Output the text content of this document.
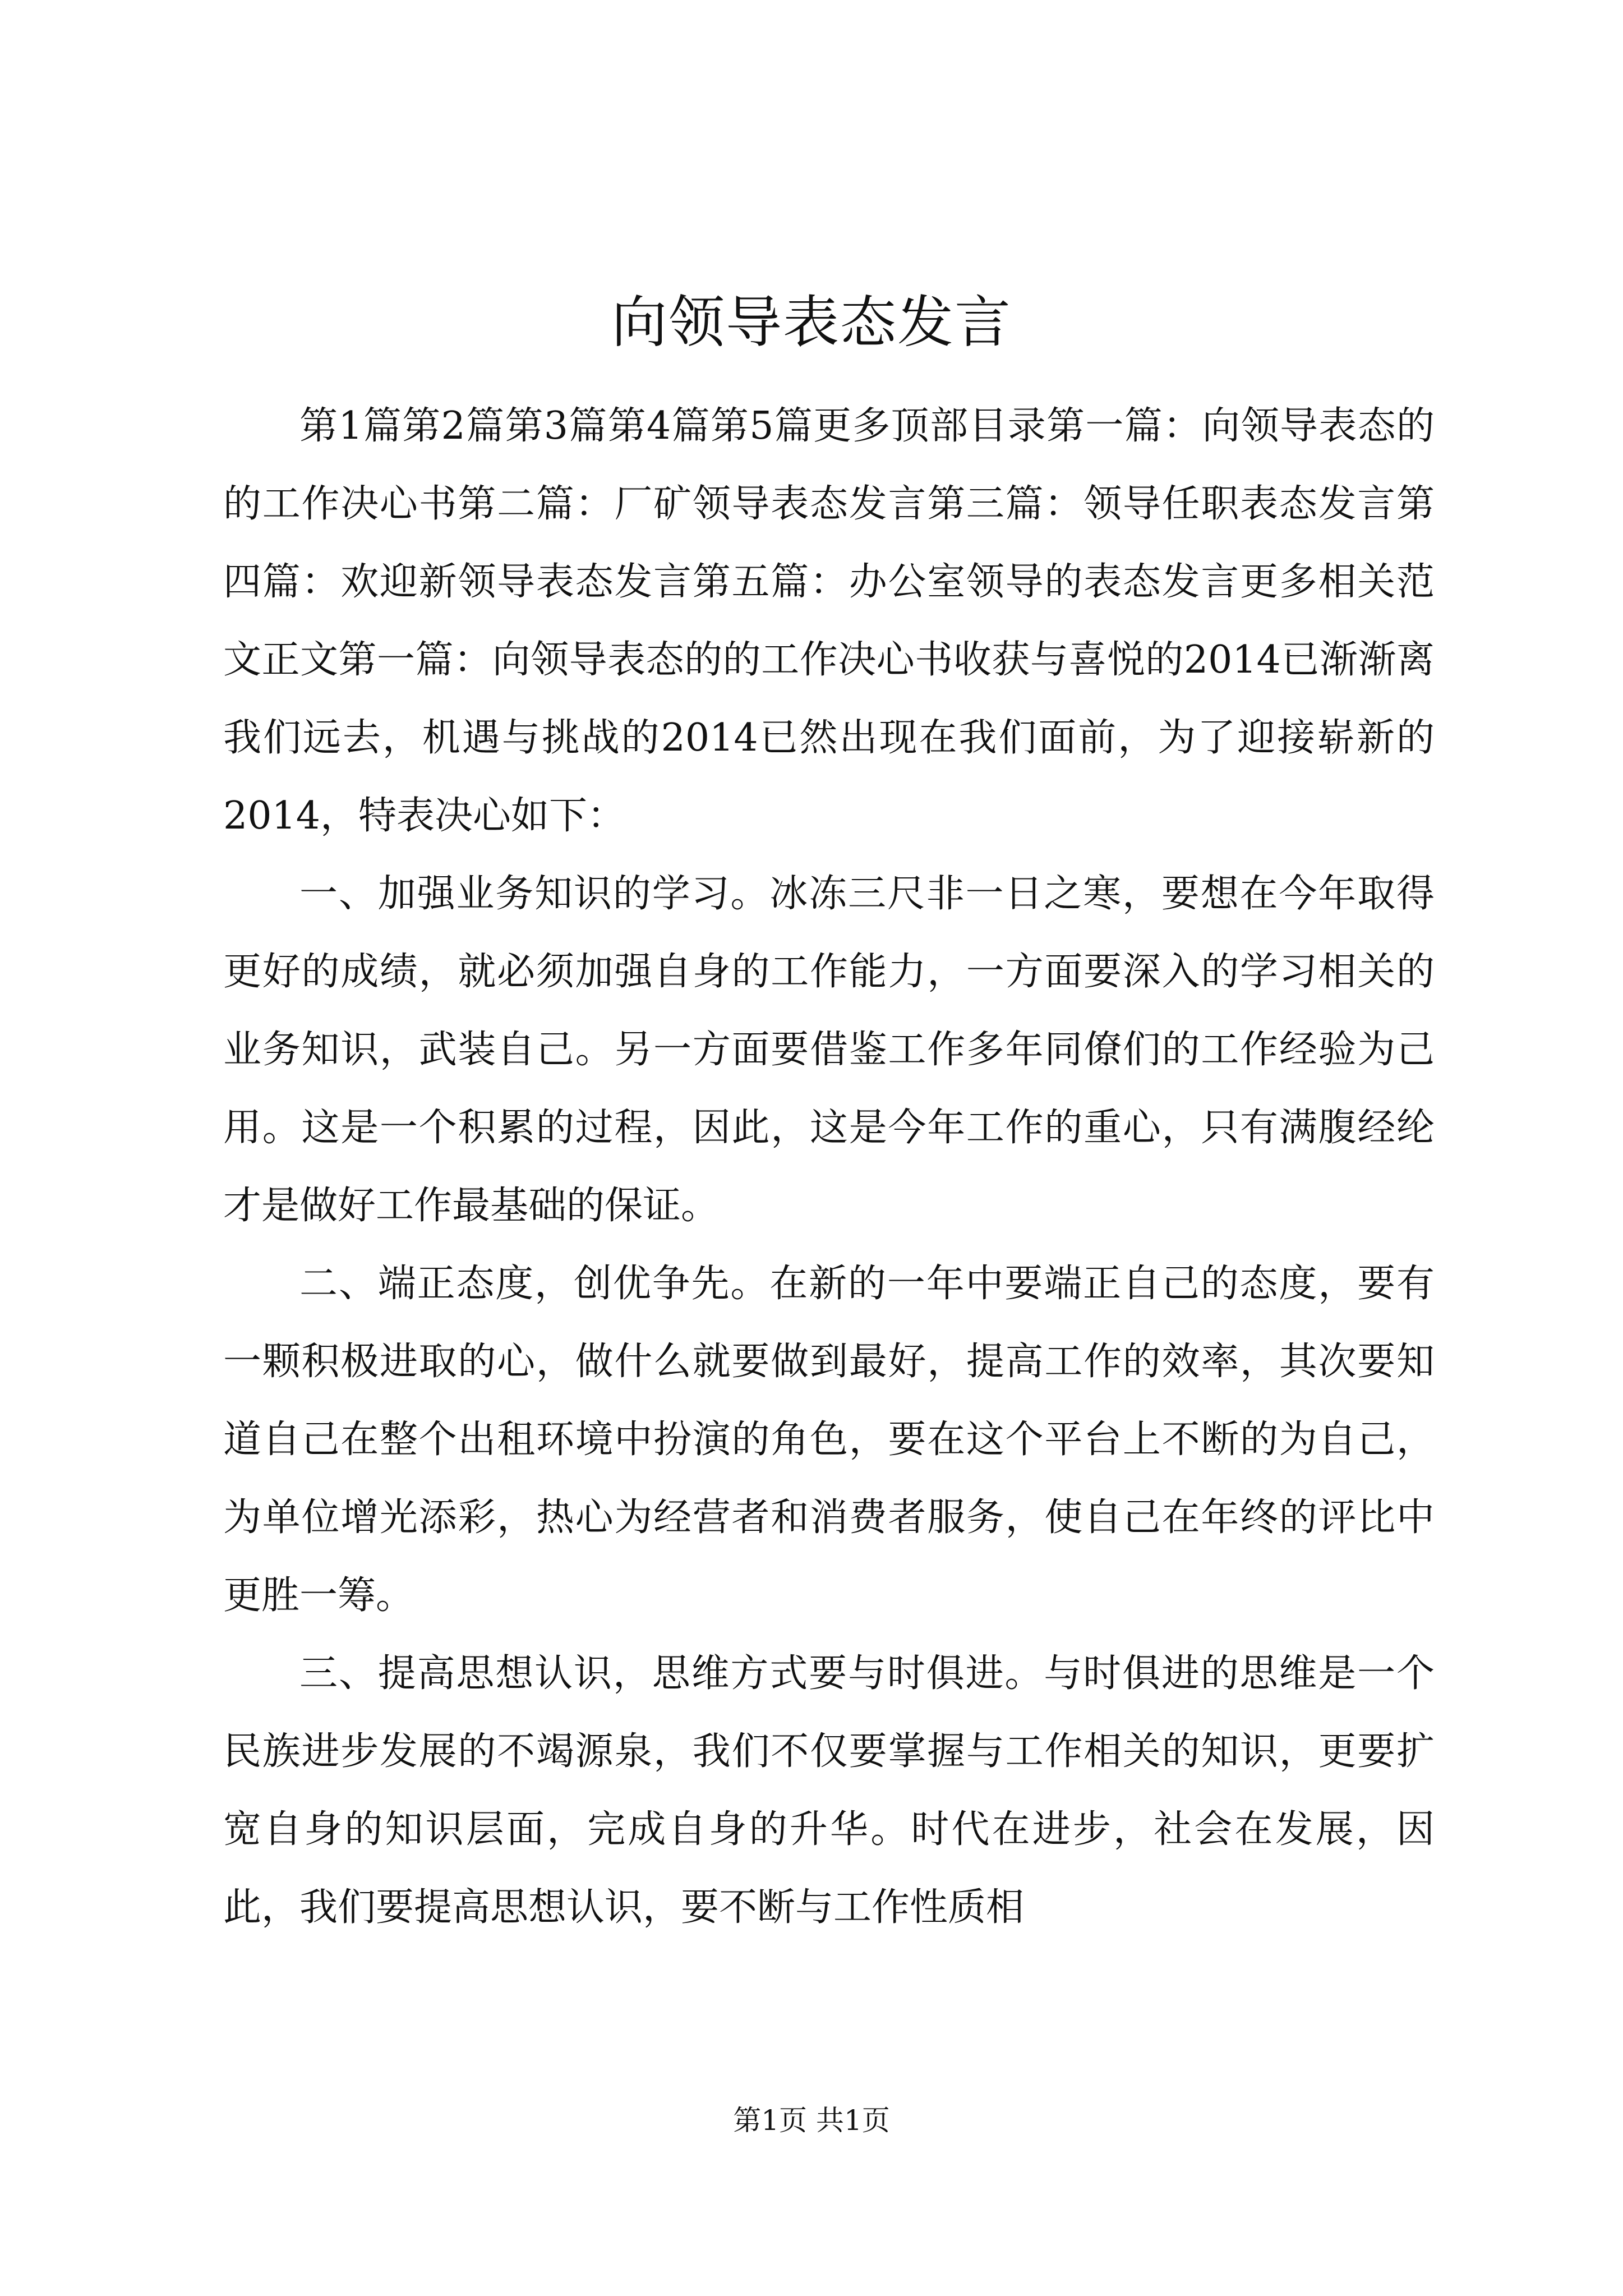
向领导表态发言

第1篇第2篇第3篇第4篇第5篇更多顶部目录第一篇：向领导表态的的工作决心书第二篇：厂矿领导表态发言第三篇：领导任职表态发言第四篇：欢迎新领导表态发言第五篇：办公室领导的表态发言更多相关范文正文第一篇：向领导表态的的工作决心书收获与喜悦的2014已渐渐离我们远去，机遇与挑战的2014已然出现在我们面前，为了迎接崭新的2014，特表决心如下：

一、加强业务知识的学习。冰冻三尺非一日之寒，要想在今年取得更好的成绩，就必须加强自身的工作能力，一方面要深入的学习相关的业务知识，武装自己。另一方面要借鉴工作多年同僚们的工作经验为己用。这是一个积累的过程，因此，这是今年工作的重心，只有满腹经纶才是做好工作最基础的保证。

二、端正态度，创优争先。在新的一年中要端正自己的态度，要有一颗积极进取的心，做什么就要做到最好，提高工作的效率，其次要知道自己在整个出租环境中扮演的角色，要在这个平台上不断的为自己，为单位增光添彩，热心为经营者和消费者服务，使自己在年终的评比中更胜一筹。

三、提高思想认识，思维方式要与时俱进。与时俱进的思维是一个民族进步发展的不竭源泉，我们不仅要掌握与工作相关的知识，更要扩宽自身的知识层面，完成自身的升华。时代在进步，社会在发展，因此，我们要提高思想认识，要不断与工作性质相

第1页 共1页
